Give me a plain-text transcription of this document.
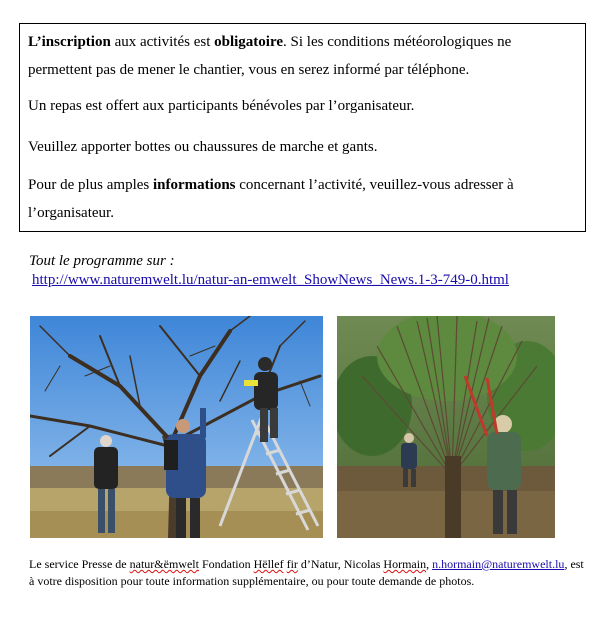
L’inscription aux activités est obligatoire. Si les conditions météorologiques ne permettent pas de mener le chantier, vous en serez informé par téléphone.

Un repas est offert aux participants bénévoles par l’organisateur.

Veuillez apporter bottes ou chaussures de marche et gants.

Pour de plus amples informations concernant l’activité, veuillez-vous adresser à l’organisateur.

Tout le programme sur :
http://www.naturemwelt.lu/natur-an-emwelt_ShowNews_News.1-3-749-0.html
Le service Presse de natur&ëmwelt Fondation Hëllef fir d’Natur, Nicolas Hormain, n.hormain@naturemwelt.lu, est à votre disposition pour toute information supplémentaire, ou pour toute demande de photos.
